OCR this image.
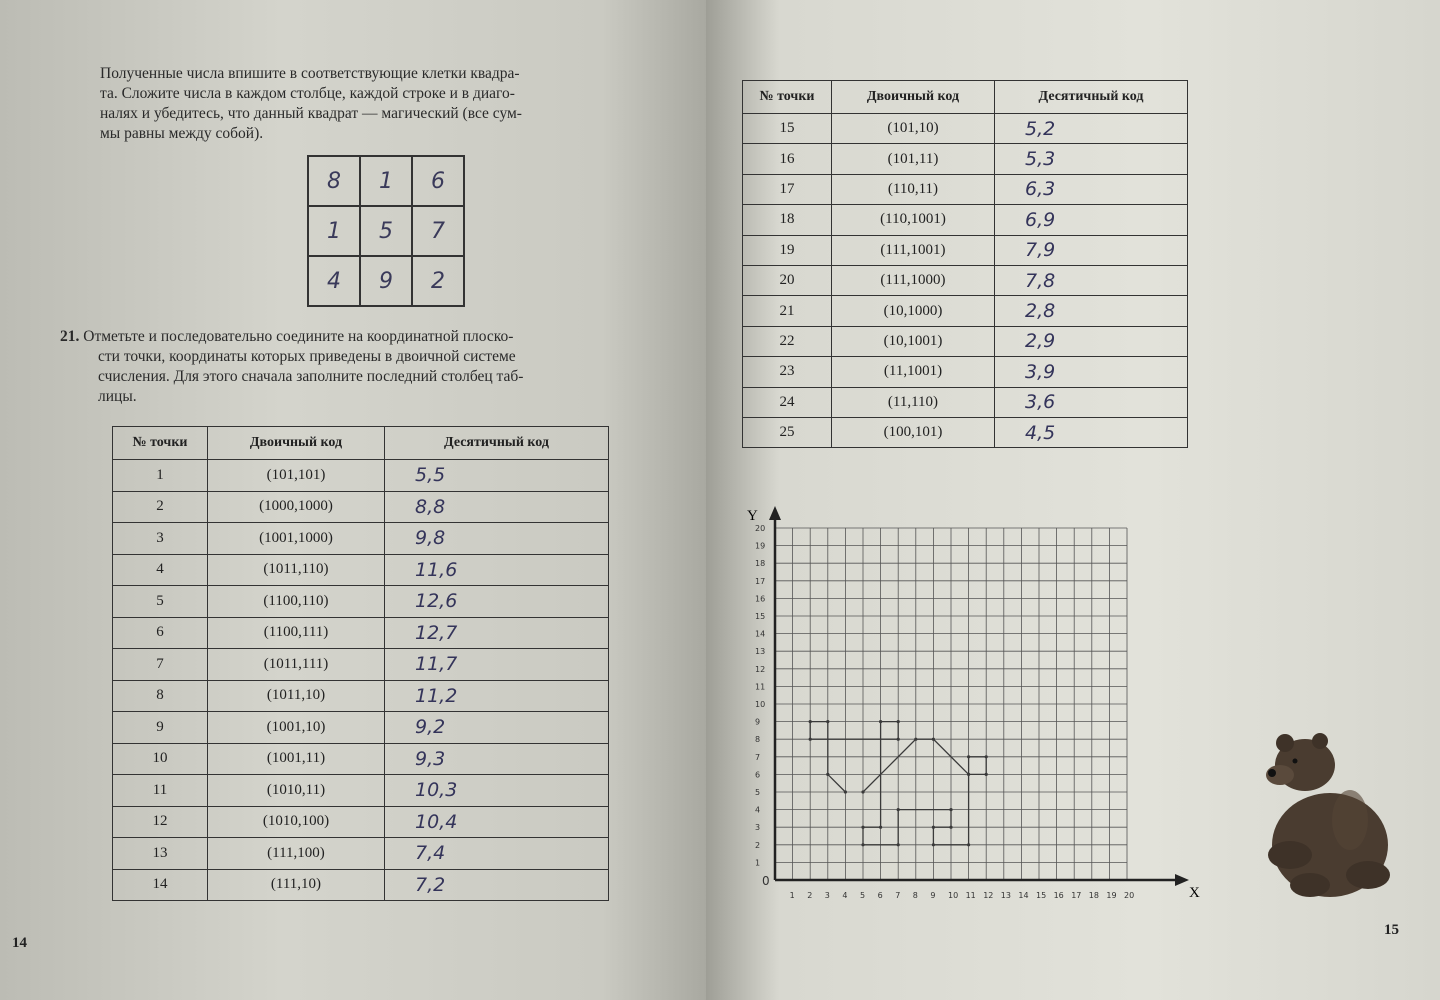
Полученные числа впишите в соответствующие клетки квадра-
та. Сложите числа в каждом столбце, каждой строке и в диаго-
налях и убедитесь, что данный квадрат — магический (все сум-
мы равны между собой).
8	1	6
1	5	7
4	9	2
21. Отметьте и последовательно соедините на координатной плоско-
сти точки, координаты которых приведены в двоичной системе
счисления. Для этого сначала заполните последний столбец таб-
лицы.
№ точки	Двоичный код	Десятичный код
1	(101,101)	5,5
2	(1000,1000)	8,8
3	(1001,1000)	9,8
4	(1011,110)	11,6
5	(1100,110)	12,6
6	(1100,111)	12,7
7	(1011,111)	11,7
8	(1011,10)	11,2
9	(1001,10)	9,2
10	(1001,11)	9,3
11	(1010,11)	10,3
12	(1010,100)	10,4
13	(111,100)	7,4
14	(111,10)	7,2
14
№ точки	Двоичный код	Десятичный код
15	(101,10)	5,2
16	(101,11)	5,3
17	(110,11)	6,3
18	(110,1001)	6,9
19	(111,1001)	7,9
20	(111,1000)	7,8
21	(10,1000)	2,8
22	(10,1001)	2,9
23	(11,1001)	3,9
24	(11,110)	3,6
25	(100,101)	4,5
15
X
Y
0
1
1
2
2
3
3
4
4
5
5
6
6
7
7
8
8
9
9
10
10
11
11
12
12
13
13
14
14
15
15
16
16
17
17
18
18
19
19
20
20
